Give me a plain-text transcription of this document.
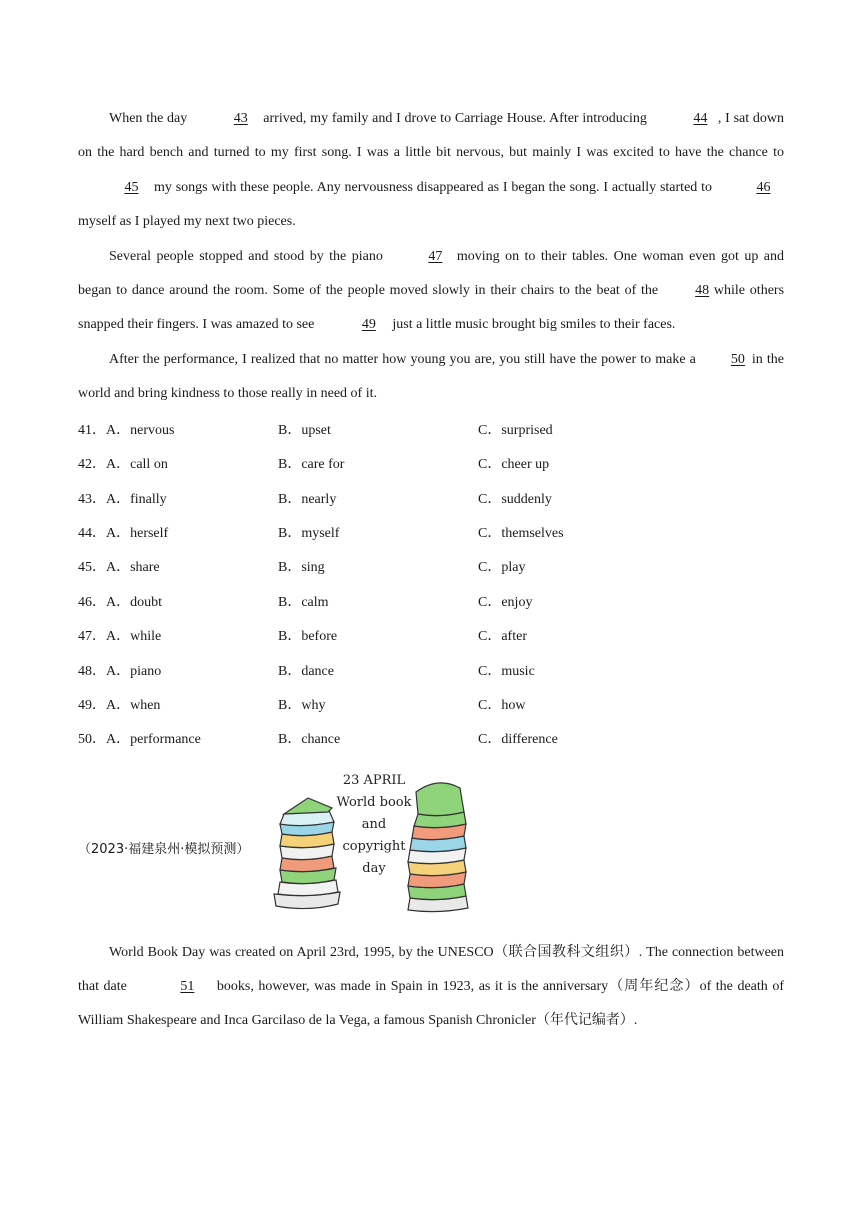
When the day	43 arrived, my family and I drove to Carriage House. After introducing	44 , I sat down on the hard bench and turned to my first song. I was a little bit nervous, but mainly I was excited to have the chance to45 my songs with these people. Any nervousness disappeared as I began the song. I actually started to	46myself as I played my next two pieces.

Several people stopped and stood by the piano	47 moving on to their tables. One woman even got up and began to dance around the room. Some of the people moved slowly in their chairs to the beat of the	48 while others snapped their fingers. I was amazed to see	49 just a little music brought big smiles to their faces.

After the performance, I realized that no matter how young you are, you still have the power to make a	50 in the world and bring kindness to those really in need of it.

41．A．nervous	B．upset	C．surprised
42．A．call on	B．care for	C．cheer up
43．A．finally	B．nearly	C．suddenly
44．A．herself	B．myself	C．themselves
45．A．share	B．sing	C．play
46．A．doubt	B．calm	C．enjoy
47．A．while	B．before	C．after
48．A．piano	B．dance	C．music
49．A．when	B．why	C．how
50．A．performance	B．chance	C．difference
（2023·福建泉州·模拟预测）
23 APRIL
World book
and
copyright
day

World Book Day was created on April 23rd, 1995, by the UNESCO（联合国教科文组织）. The connection between that date	51 books, however, was made in Spain in 1923, as it is the anniversary（周年纪念）of the death of William Shakespeare and Inca Garcilaso de la Vega, a famous Spanish Chronicler（年代记编者）.
